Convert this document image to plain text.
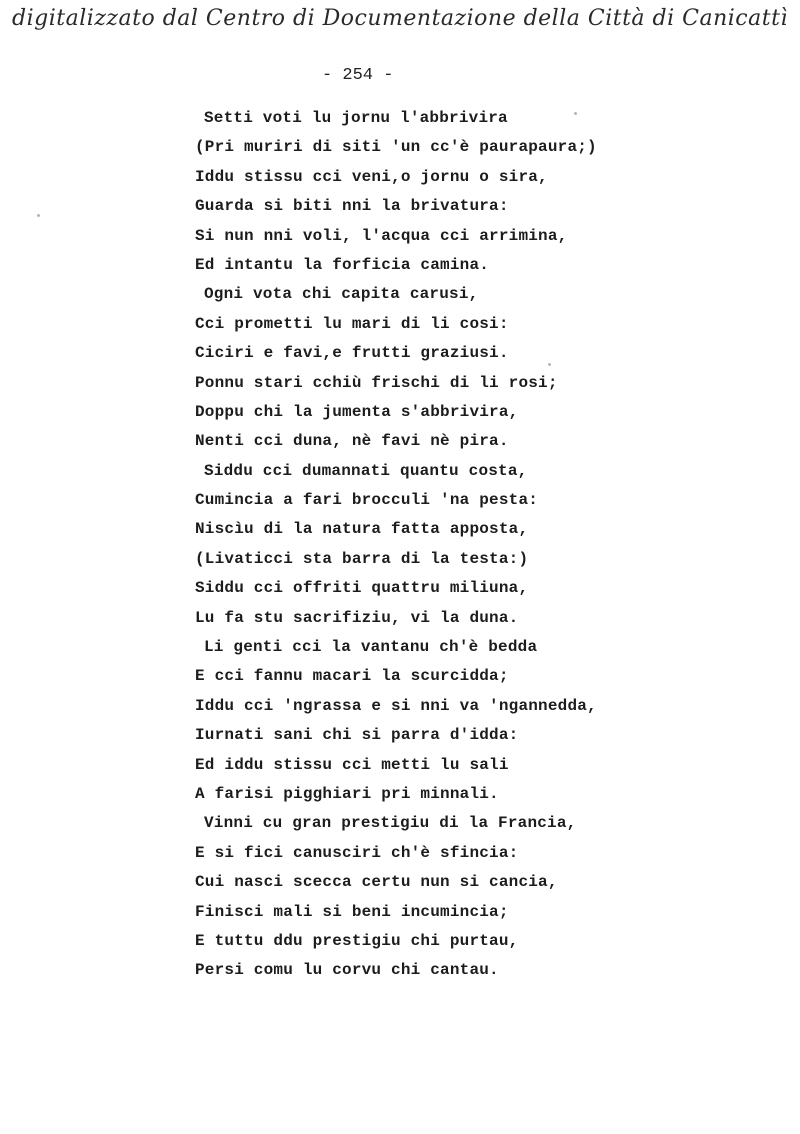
digitalizzato dal Centro di Documentazione della Città di Canicattì
- 254 -
Setti voti lu jornu l'abbrivira
(Pri muriri di siti 'un cc'è paurapaura;)
Iddu stissu cci veni,o jornu o sira,
Guarda si biti nni la brivatura:
Si nun nni voli, l'acqua cci arrimina,
Ed intantu la forficia camina.
Ogni vota chi capita carusi,
Cci prometti lu mari di li cosi:
Ciciri e favi,e frutti graziusi.
Ponnu stari cchiù frischi di li rosi;
Doppu chi la jumenta s'abbrivira,
Nenti cci duna, nè favi nè pira.
Siddu cci dumannati quantu costa,
Cumincia a fari brocculi 'na pesta:
Niscìu di la natura fatta apposta,
(Livaticci sta barra di la testa:)
Siddu cci offriti quattru miliuna,
Lu fa stu sacrifiziu, vi la duna.
Li genti cci la vantanu ch'è bedda
E cci fannu macari la scurcidda;
Iddu cci 'ngrassa e si nni va 'ngannedda,
Iurnati sani chi si parra d'idda:
Ed iddu stissu cci metti lu sali
A farisi pigghiari pri minnali.
Vinni cu gran prestigiu di la Francia,
E si fici canusciri ch'è sfincia:
Cui nasci scecca certu nun si cancia,
Finisci mali si beni incumincia;
E tuttu ddu prestigiu chi purtau,
Persi comu lu corvu chi cantau.
